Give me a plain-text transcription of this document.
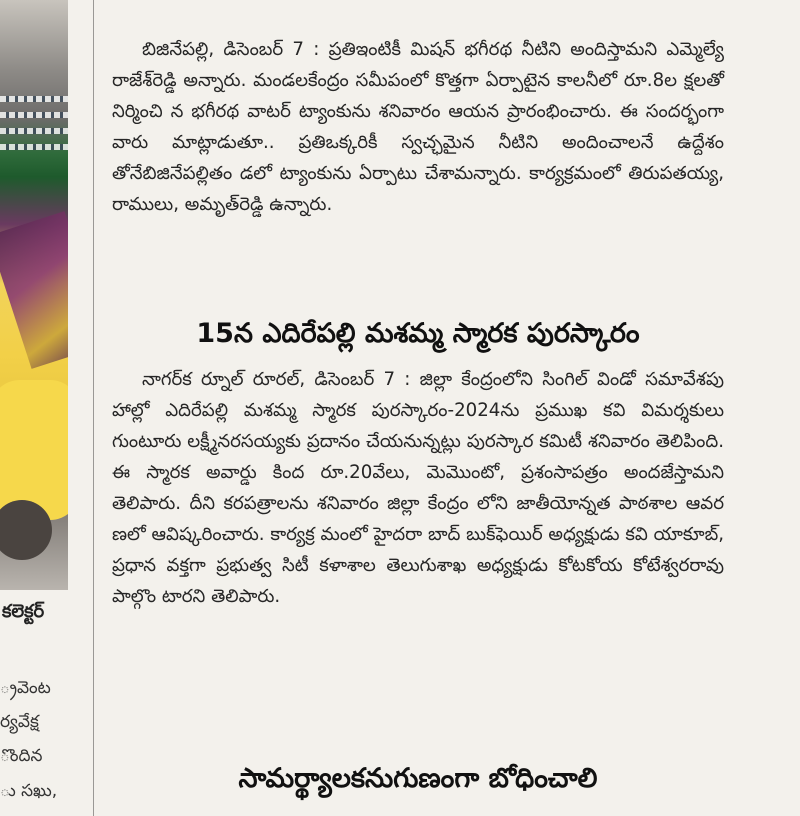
కలెక్టర్
్రవెంట
ర్యవేక్ష
ొందిన
ు సఖు,

బిజినేపల్లి, డిసెంబర్ 7 : ప్రతిఇంటికీ మిషన్ భగీరథ నీటిని అందిస్తామని ఎమ్మెల్యే రాజేశ్‌రెడ్డి అన్నారు. మండలకేంద్రం సమీపంలో కొత్తగా ఏర్పాటైన కాలనీలో రూ.8ల క్షలతో నిర్మించి న భగీరథ వాటర్ ట్యాంకును శనివారం ఆయన ప్రారంభించారు. ఈ సందర్భంగా వారు మాట్లాడుతూ.. ప్రతిఒక్కరికీ స్వచ్ఛమైన నీటిని అందించాలనే ఉద్దేశం తోనేబిజినేపల్లితం డలో ట్యాంకును ఏర్పాటు చేశామన్నారు. కార్యక్రమంలో తిరుపతయ్య, రాములు, అమృత్‌రెడ్డి ఉన్నారు.

15న ఎదిరేపల్లి మశమ్మ స్మారక పురస్కారం

నాగర్‌క ర్నూల్ రూరల్, డిసెంబర్ 7 : జిల్లా కేంద్రంలోని సింగిల్ విండో సమావేశపు హాల్లో ఎదిరేపల్లి మశమ్మ స్మారక పురస్కారం-2024ను ప్రముఖ కవి విమర్శకులు గుంటూరు లక్ష్మీనరసయ్యకు ప్రదానం చేయనున్నట్లు పురస్కార కమిటీ శనివారం తెలిపింది. ఈ స్మారక అవార్డు కింద రూ.20వేలు, మెమొంటో, ప్రశంసాపత్రం అందజేస్తామని తెలిపారు. దీని కరపత్రాలను శనివారం జిల్లా కేంద్రం లోని జాతీయోన్నత పాఠశాల ఆవర ణలో ఆవిష్కరించారు. కార్యక్ర మంలో హైదరా బాద్ బుక్‌ఫెయిర్ అధ్యక్షుడు కవి యాకూబ్, ప్రధాన వక్తగా ప్రభుత్వ సిటీ కళాశాల తెలుగుశాఖ అధ్యక్షుడు కోటకోయ కోటేశ్వరరావు పాల్గొం టారని తెలిపారు.

సామర్థ్యాలకనుగుణంగా బోధించాలి
